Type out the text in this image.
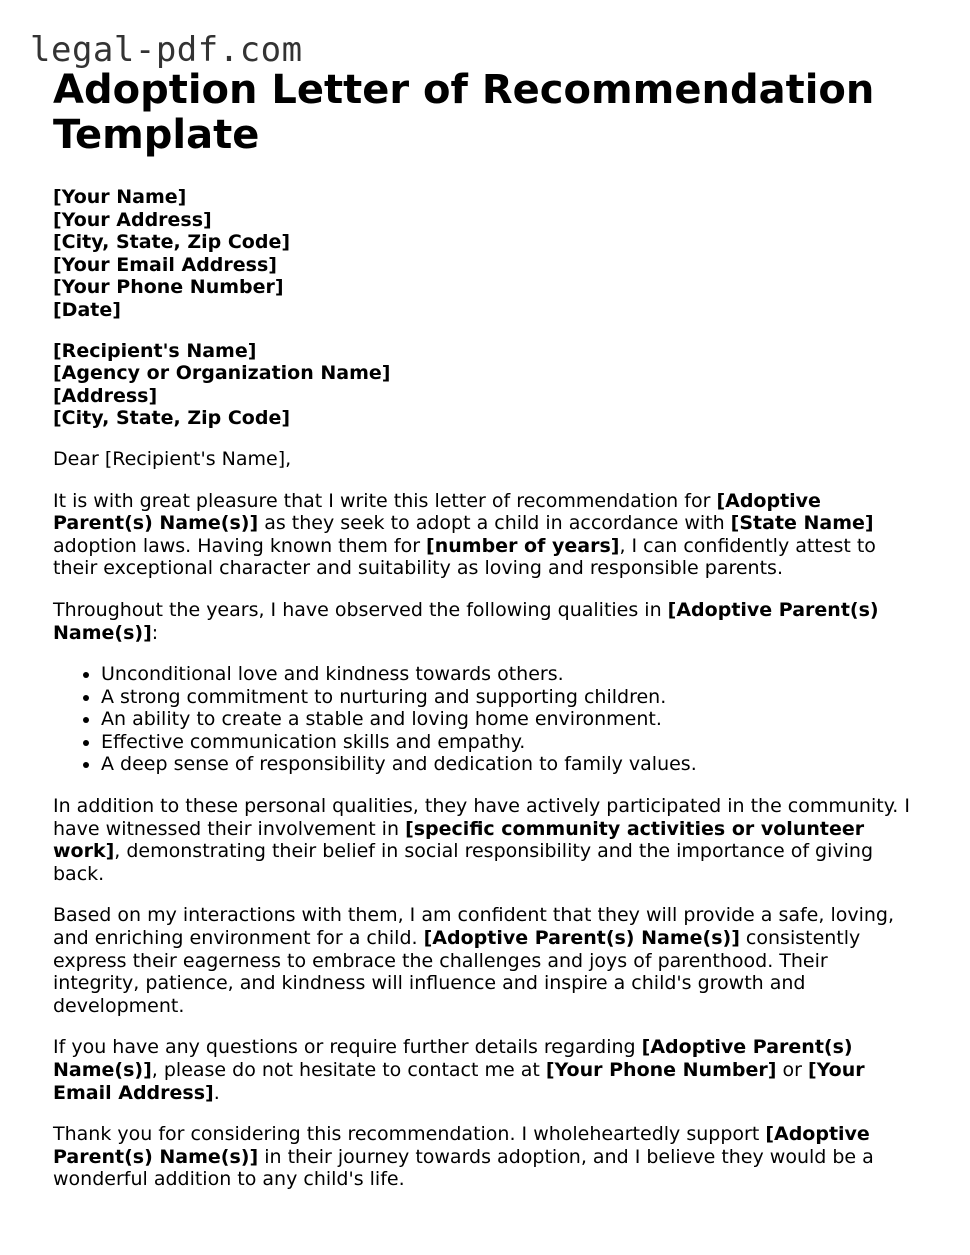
legal-pdf.com
Adoption Letter of Recommendation Template
[Your Name]
[Your Address]
[City, State, Zip Code]
[Your Email Address]
[Your Phone Number]
[Date]
[Recipient's Name]
[Agency or Organization Name]
[Address]
[City, State, Zip Code]

Dear [Recipient's Name],

It is with great pleasure that I write this letter of recommendation for [Adoptive Parent(s) Name(s)] as they seek to adopt a child in accordance with [State Name] adoption laws. Having known them for [number of years], I can confidently attest to their exceptional character and suitability as loving and responsible parents.

Throughout the years, I have observed the following qualities in [Adoptive Parent(s) Name(s)]:

• Unconditional love and kindness towards others.
• A strong commitment to nurturing and supporting children.
• An ability to create a stable and loving home environment.
• Effective communication skills and empathy.
• A deep sense of responsibility and dedication to family values.

In addition to these personal qualities, they have actively participated in the community. I have witnessed their involvement in [specific community activities or volunteer work], demonstrating their belief in social responsibility and the importance of giving back.

Based on my interactions with them, I am confident that they will provide a safe, loving, and enriching environment for a child. [Adoptive Parent(s) Name(s)] consistently express their eagerness to embrace the challenges and joys of parenthood. Their integrity, patience, and kindness will influence and inspire a child's growth and development.

If you have any questions or require further details regarding [Adoptive Parent(s) Name(s)], please do not hesitate to contact me at [Your Phone Number] or [Your Email Address].

Thank you for considering this recommendation. I wholeheartedly support [Adoptive Parent(s) Name(s)] in their journey towards adoption, and I believe they would be a wonderful addition to any child's life.
